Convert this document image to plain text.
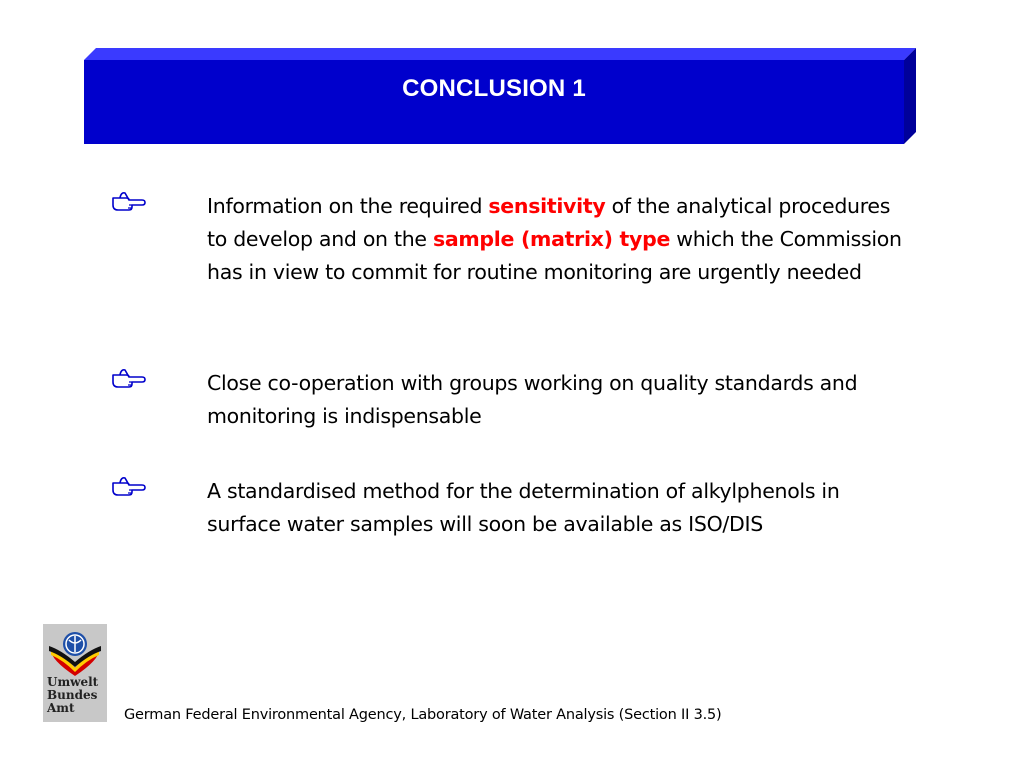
CONCLUSION 1
Information on the required sensitivity of the analytical procedures to develop and on the sample (matrix) type which the Commission has in view to commit for routine monitoring are urgently needed
Close co-operation with groups working on quality standards and monitoring is indispensable
A standardised method for the determination of alkylphenols in surface water samples will soon be available as ISO/DIS
Umwelt
Bundes
Amt	German Federal Environmental Agency, Laboratory of Water Analysis (Section II 3.5)
